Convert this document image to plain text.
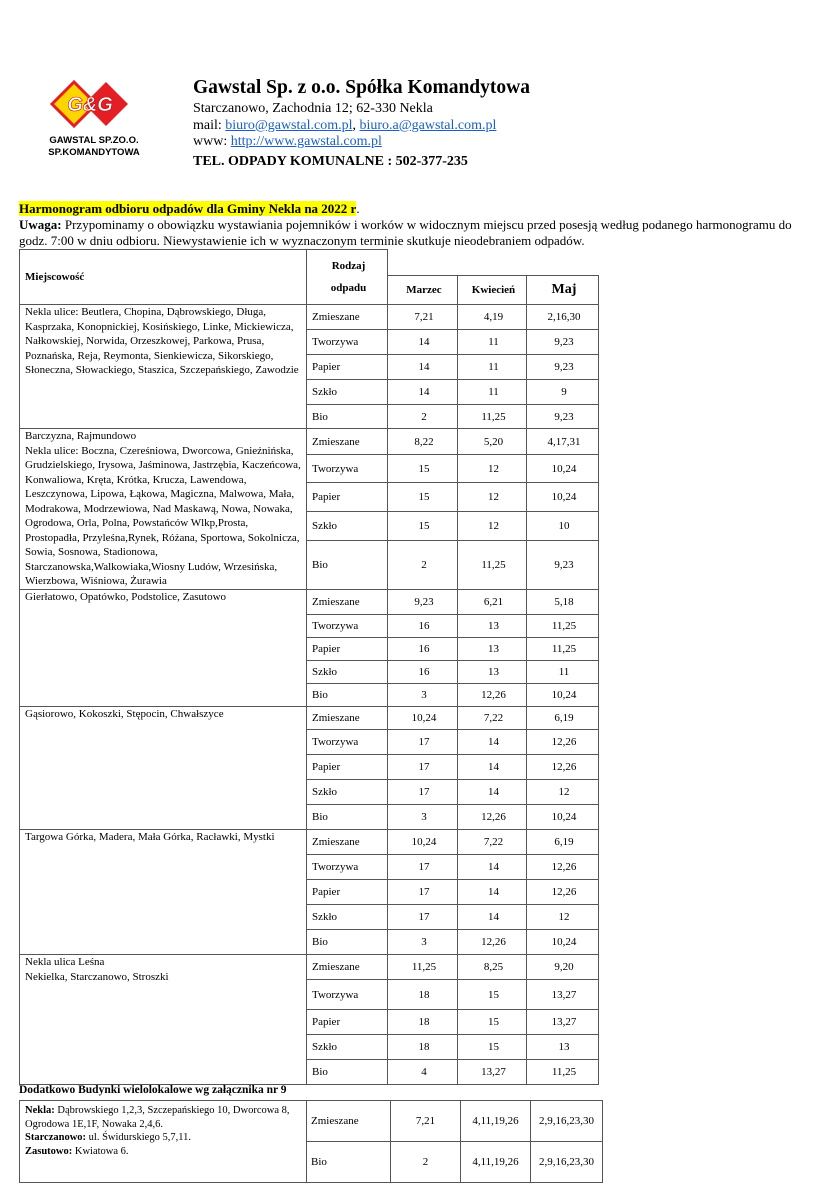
G&G
GAWSTAL SP.ZO.O.
SP.KOMANDYTOWA
Gawstal Sp. z o.o. Spółka Komandytowa
Starczanowo, Zachodnia 12; 62-330 Nekla
mail: biuro@gawstal.com.pl, biuro.a@gawstal.com.pl
www: http://www.gawstal.com.pl
TEL. ODPADY KOMUNALNE : 502-377-235
Harmonogram odbioru odpadów dla Gminy Nekla na 2022 r.
Uwaga: Przypominamy o obowiązku wystawiania pojemników i worków w widocznym miejscu przed posesją według podanego harmonogramu do godz. 7:00 w dniu odbioru. Niewystawienie ich w wyznaczonym terminie skutkuje nieodebraniem odpadów.
Miejscowość	Rodzaj
odpadu			

		Marzec	Kwiecień	Maj
Nekla ulice: Beutlera, Chopina, Dąbrowskiego, Długa, Kasprzaka, Konopnickiej, Kosińskiego, Linke, Mickiewicza, Nałkowskiej, Norwida, Orzeszkowej, Parkowa, Prusa, Poznańska, Reja, Reymonta, Sienkiewicza, Sikorskiego, Słoneczna, Słowackiego, Staszica, Szczepańskiego, Zawodzie	Zmieszane	7,21	4,19	2,16,30
	Tworzywa	14	11	9,23
	Papier	14	11	9,23
	Szkło	14	11	9
	Bio	2	11,25	9,23
Barczyzna, Rajmundowo
Nekla ulice: Boczna, Czereśniowa, Dworcowa, Gnieźnińska, Grudzielskiego, Irysowa, Jaśminowa, Jastrzębia, Kaczeńcowa, Konwaliowa, Kręta, Krótka, Krucza, Lawendowa, Leszczynowa, Lipowa, Łąkowa, Magiczna, Malwowa, Mała, Modrakowa, Modrzewiowa, Nad Maskawą, Nowa, Nowaka, Ogrodowa, Orla, Polna, Powstańców Wlkp,Prosta, Prostopadła, Przyleśna,Rynek, Różana, Sportowa, Sokolnicza, Sowia, Sosnowa, Stadionowa, Starczanowska,Walkowiaka,Wiosny Ludów, Wrzesińska, Wierzbowa, Wiśniowa, Żurawia	Zmieszane	8,22	5,20	4,17,31
	Tworzywa	15	12	10,24
	Papier	15	12	10,24
	Szkło	15	12	10
	Bio	2	11,25	9,23
Gierłatowo, Opatówko, Podstolice, Zasutowo	Zmieszane	9,23	6,21	5,18
	Tworzywa	16	13	11,25
	Papier	16	13	11,25
	Szkło	16	13	11
	Bio	3	12,26	10,24
Gąsiorowo, Kokoszki, Stępocin, Chwałszyce	Zmieszane	10,24	7,22	6,19
	Tworzywa	17	14	12,26
	Papier	17	14	12,26
	Szkło	17	14	12
	Bio	3	12,26	10,24
Targowa Górka, Madera, Mała Górka, Racławki, Mystki	Zmieszane	10,24	7,22	6,19
	Tworzywa	17	14	12,26
	Papier	17	14	12,26
	Szkło	17	14	12
	Bio	3	12,26	10,24
Nekla ulica Leśna
Nekielka, Starczanowo, Stroszki	Zmieszane	11,25	8,25	9,20
	Tworzywa	18	15	13,27
	Papier	18	15	13,27
	Szkło	18	15	13
	Bio	4	13,27	11,25
Dodatkowo Budynki wielolokalowe wg załącznika nr 9
Nekla: Dąbrowskiego 1,2,3, Szczepańskiego 10, Dworcowa 8, Ogrodowa 1E,1F, Nowaka 2,4,6.
Starczanowo: ul. Świdurskiego 5,7,11.
Zasutowo: Kwiatowa 6.	Zmieszane	7,21	4,11,19,26	2,9,16,23,30
	Bio	2	4,11,19,26	2,9,16,23,30
